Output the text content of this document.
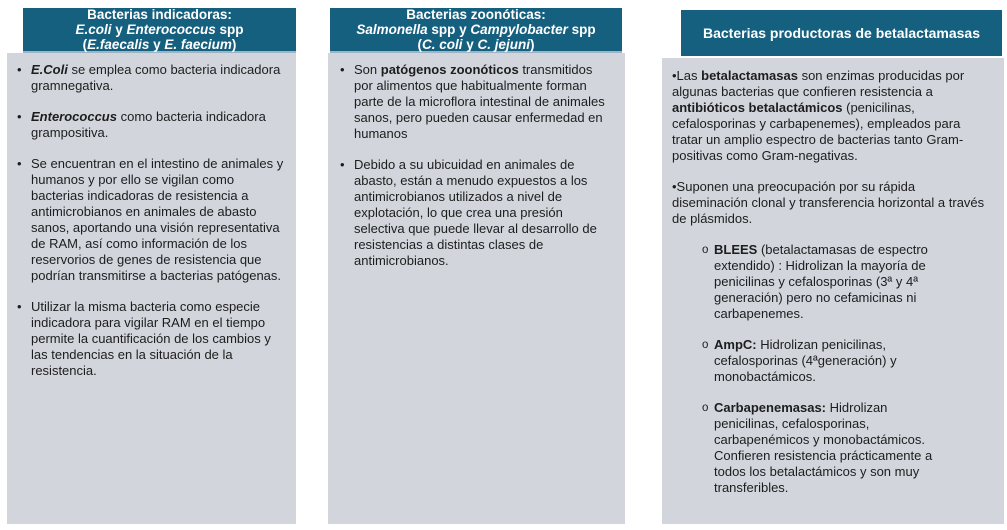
Bacterias indicadoras:
E.coli y Enterococcus spp
(E.faecalis y E. faecium)
• E.Coli se emplea como bacteria indicadora gramnegativa.
• Enterococcus como bacteria indicadora grampositiva.
• Se encuentran en el intestino de animales y humanos y por ello se vigilan como bacterias indicadoras de resistencia a antimicrobianos en animales de abasto sanos, aportando una visión representativa de RAM, así como información de los reservorios de genes de resistencia que podrían transmitirse a bacterias patógenas.
• Utilizar la misma bacteria como especie indicadora para vigilar RAM en el tiempo permite la cuantificación de los cambios y las tendencias en la situación de la resistencia.
Bacterias zoonóticas:
Salmonella spp y Campylobacter spp
(C. coli y C. jejuni)
• Son patógenos zoonóticos transmitidos por alimentos que habitualmente forman parte de la microflora intestinal de animales sanos, pero pueden causar enfermedad en humanos
• Debido a su ubicuidad en animales de abasto, están a menudo expuestos a los antimicrobianos utilizados a nivel de explotación, lo que crea una presión selectiva que puede llevar al desarrollo de resistencias a distintas clases de antimicrobianos.
Bacterias productoras de betalactamasas
•Las betalactamasas son enzimas producidas por algunas bacterias que confieren resistencia a antibióticos betalactámicos (penicilinas, cefalosporinas y carbapenemes), empleados para tratar un amplio espectro de bacterias tanto Gram-positivas como Gram-negativas.
•Suponen una preocupación por su rápida diseminación clonal y transferencia horizontal a través de plásmidos.
o BLEES (betalactamasas de espectro extendido) : Hidrolizan la mayoría de penicilinas y cefalosporinas (3ª y 4ª generación) pero no cefamicinas ni carbapenemes.
o AmpC: Hidrolizan penicilinas, cefalosporinas (4ªgeneración) y monobactámicos.
o Carbapenemasas: Hidrolizan penicilinas, cefalosporinas, carbapenémicos y monobactámicos. Confieren resistencia prácticamente a todos los betalactámicos y son muy transferibles.
